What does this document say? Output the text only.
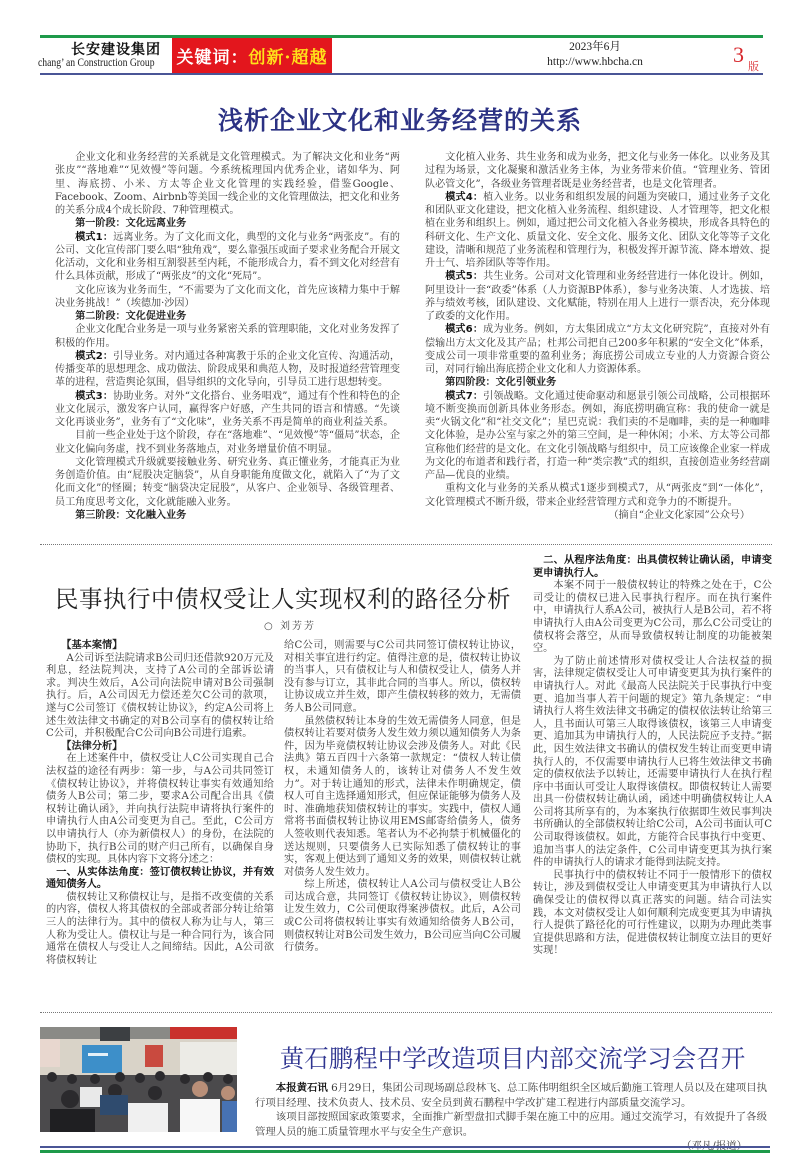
长安建设集团
chang’ an Construction Group 关键词： 创新·超越
2023年6月
http://www.hbcha.cn	3 版
浅析企业文化和业务经营的关系

企业文化和业务经营的关系就是文化管理模式。为了解决文化和业务“两张皮”“落地难”“见效慢”等问题。今系统梳理国内优秀企业，诸如华为、阿里、海底捞、小米、方太等企业文化管理的实践经验，借鉴Google、Facebook、Zoom、Airbnb等美国一线企业的文化管理做法，把文化和业务的关系分成4个成长阶段、7种管理模式。

第一阶段：文化远离业务

模式1：远离业务。为了文化而文化，典型的文化与业务“两张皮”。有的公司、文化宣传部门要么唱“独角戏”，要么靠强压或面子要求业务配合开展文化活动，文化和业务相互割裂甚至内耗，不能形成合力，看不到文化对经营有什么具体贡献，形成了“两张皮”的文化“死局”。

文化应该为业务而生，“不需要为了文化而文化，首先应该精力集中于解决业务挑战！”（埃德加·沙因）

第二阶段：文化促进业务

企业文化配合业务是一项与业务紧密关系的管理职能，文化对业务发挥了积极的作用。

模式2：引导业务。对内通过各种寓教于乐的企业文化宣传、沟通活动，传播变革的思想理念、成功做法、阶段成果和典范人物，及时报道经营管理变革的进程，营造舆论氛围，倡导组织的文化导向，引导员工进行思想转变。

模式3：协助业务。对外“文化搭台、业务唱戏”，通过有个性和特色的企业文化展示，激发客户认同，赢得客户好感，产生共同的语言和情感。“先谈文化再谈业务”，业务有了“文化味”，业务关系不再是简单的商业利益关系。

目前一些企业处于这个阶段，存在“落地难”、“见效慢”等“僵局”状态，企业文化偏向务虚，找不到业务落地点，对业务增量价值不明显。

文化管理模式升级就要接触业务、研究业务、真正懂业务，才能真正为业务创造价值。由“屁股决定脑袋”，从自身职能角度做文化，就陷入了“为了文化而文化”的怪圈；转变“脑袋决定屁股”，从客户、企业领导、各级管理者、员工角度思考文化，文化就能融入业务。

第三阶段：文化融入业务

文化植入业务、共生业务和成为业务，把文化与业务一体化。以业务及其过程为场景，文化凝聚和激活业务主体，为业务带来价值。“管理业务、管团队必管文化”，各级业务管理者既是业务经营者，也是文化管理者。

模式4：植入业务。以业务和组织发展的问题为突破口，通过业务子文化和团队亚文化建设，把文化植入业务流程、组织建设、人才管理等，把文化根植在业务和组织上。例如，通过把公司文化植入各业务模块，形成各具特色的科研文化、生产文化、质量文化、安全文化、服务文化、团队文化等等子文化建设，清晰和规范了业务流程和管理行为，积极发挥开源节流、降本增效、提升士气、培养团队等等作用。

模式5：共生业务。公司对文化管理和业务经营进行一体化设计。例如，阿里设计一套“政委”体系（人力资源BP体系），参与业务决策、人才选拔、培养与绩效考核，团队建设、文化赋能，特别在用人上进行一票否决，充分体现了政委的文化作用。

模式6：成为业务。例如，方太集团成立“方太文化研究院”，直接对外有偿输出方太文化及其产品；杜邦公司把自己200多年积累的“安全文化”体系，变成公司一项非常重要的盈利业务；海底捞公司成立专业的人力资源合资公司，对同行输出海底捞企业文化和人力资源体系。

第四阶段：文化引领业务

模式7：引领战略。文化通过使命驱动和愿景引领公司战略，公司根据环境不断变换而创新具体业务形态。例如，海底捞明确宣称：我的使命一就是卖“火锅文化”和“社交文化”；星巴克说：我们卖的不是咖啡，卖的是一种咖啡文化体验，是办公室与家之外的第三空间，是一种休闲；小米、方太等公司都宣称他们经营的是文化。在文化引领战略与组织中，员工应该像企业家一样成为文化的布道者和践行者，打造一种“类宗教”式的组织，直接创造业务经营副产品—优良的业绩。

重构文化与业务的关系从模式1逐步到模式7，从“两张皮”到“一体化”，文化管理模式不断升级，带来企业经营管理方式和竞争力的不断提升。

（摘自“企业文化家园”公众号）

民事执行中债权受让人实现权利的路径分析
○ 刘芳芳

【基本案情】

A公司诉至法院请求B公司归还借款920万元及利息，经法院判决，支持了A公司的全部诉讼请求。判决生效后，A公司向法院申请对B公司强制执行。后，A公司因无力偿还差欠C公司的款项，遂与C公司签订《债权转让协议》，约定A公司将上述生效法律文书确定的对B公司享有的债权转让给C公司，并积极配合C公司向B公司进行追索。

【法律分析】

在上述案件中，债权受让人C公司实现自己合法权益的途径有两步：第一步，与A公司共同签订《债权转让协议》，并将债权转让事实有效通知给债务人B公司；第二步，要求A公司配合出具《债权转让确认函》，并向执行法院申请将执行案件的申请执行人由A公司变更为自己。至此，C公司方以申请执行人（亦为新债权人）的身份，在法院的协助下，执行B公司的财产归己所有，以确保自身债权的实现。具体内容下文将分述之：

一、从实体法角度：签订债权转让协议，并有效通知债务人。

债权转让又称债权让与，是指不改变债的关系的内容，债权人将其债权的全部或者部分转让给第三人的法律行为。其中的债权人称为让与人，第三人称为受让人。债权让与是一种合同行为，该合同通常在债权人与受让人之间缔结。因此，A公司欲将债权转让

给C公司，则需要与C公司共同签订债权转让协议，对相关事宜进行约定。值得注意的是，债权转让协议的当事人，只有债权让与人和债权受让人，债务人并没有参与订立，其非此合同的当事人。所以，债权转让协议成立并生效，即产生债权转移的效力，无需债务人B公司同意。

虽然债权转让本身的生效无需债务人同意，但是债权转让若要对债务人发生效力须以通知债务人为条件，因为毕竟债权转让协议会涉及债务人。对此《民法典》第五百四十六条第一款规定：“债权人转让债权，未通知债务人的，该转让对债务人不发生效力”。对于转让通知的形式，法律未作明确规定，债权人可自主选择通知形式，但应保证能够为债务人及时、准确地获知债权转让的事实。实践中，债权人通常将书面债权转让协议用EMS邮寄给债务人，债务人签收则代表知悉。笔者认为不必拘禁于机械僵化的送达规则，只要债务人已实际知悉了债权转让的事实，客观上便达到了通知义务的效果，则债权转让就对债务人发生效力。

综上所述，债权转让人A公司与债权受让人B公司达成合意，共同签订《债权转让协议》，则债权转让发生效力，C公司便取得案涉债权。此后，A公司或C公司将债权转让事实有效通知给债务人B公司，则债权转让对B公司发生效力，B公司应当向C公司履行债务。

二、从程序法角度：出具债权转让确认函，申请变更申请执行人。

本案不同于一般债权转让的特殊之处在于，C公司受让的债权已进入民事执行程序。而在执行案件中，申请执行人系A公司，被执行人是B公司，若不将申请执行人由A公司变更为C公司，那么C公司受让的债权将会落空，从而导致债权转让制度的功能被架空。

为了防止前述情形对债权受让人合法权益的损害，法律规定债权受让人可申请变更其为执行案件的申请执行人。对此《最高人民法院关于民事执行中变更、追加当事人若干问题的规定》第九条规定：“申请执行人将生效法律文书确定的债权依法转让给第三人，且书面认可第三人取得该债权，该第三人申请变更、追加其为申请执行人的，人民法院应予支持。”据此，因生效法律文书确认的债权发生转让而变更申请执行人的，不仅需要申请执行人已将生效法律文书确定的债权依法予以转让，还需要申请执行人在执行程序中书面认可受让人取得该债权。即债权转让人需要出具一份债权转让确认函，函述中明确债权转让人A公司将其所享有的，为本案执行依据即生效民事判决书所确认的全部债权转让给C公司，A公司书面认可C公司取得该债权。如此，方能符合民事执行中变更、追加当事人的法定条件，C公司申请变更其为执行案件的申请执行人的请求才能得到法院支持。

民事执行中的债权转让不同于一般情形下的债权转让，涉及到债权受让人申请变更其为申请执行人以确保受让的债权得以真正落实的问题。结合司法实践，本文对债权受让人如何顺利完成变更其为申请执行人提供了路径化的可行性建议，以期为办理此类事宜提供思路和方法，促进债权转让制度立法目的更好实现！

黄石鹏程中学改造项目内部交流学习会召开

本报黄石讯 6月29日，集团公司现场副总段林飞、总工陈伟明组织全区域后勤施工管理人员以及在建项目执行项目经理、技术负责人、技术员、安全员到黄石鹏程中学改扩建工程进行内部质量交流学习。

该项目部按照国家政策要求，全面推广新型盘扣式脚手架在施工中的应用。通过交流学习，有效提升了各级管理人员的施工质量管理水平与安全生产意识。
